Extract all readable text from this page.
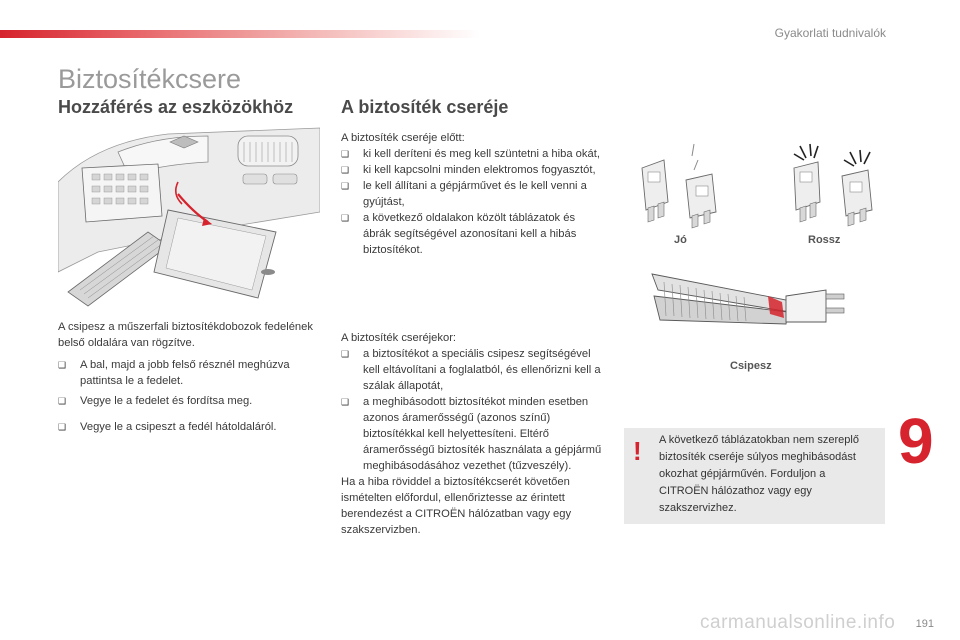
Gyakorlati tudnivalók
Biztosítékcsere
Hozzáférés az eszközökhöz	A biztosíték cseréje

A csipesz a műszerfali biztosítékdobozok fedelének belső oldalára van rögzítve.

❑ A bal, majd a jobb felső résznél meghúzva pattintsa le a fedelet.
❑ Vegye le a fedelet és fordítsa meg.
❑ Vegye le a csipeszt a fedél hátoldaláról.

A biztosíték cseréje előtt:

❑ ki kell deríteni és meg kell szüntetni a hiba okát,
❑ ki kell kapcsolni minden elektromos fogyasztót,
❑ le kell állítani a gépjárművet és le kell venni a gyújtást,
❑ a következő oldalakon közölt táblázatok és ábrák segítségével azonosítani kell a hibás biztosítékot.

A biztosíték cseréjekor:

❑ a biztosítékot a speciális csipesz segítségével kell eltávolítani a foglalatból, és ellenőrizni kell a szálak állapotát,
❑ a meghibásodott biztosítékot minden esetben azonos áramerősségű (azonos színű) biztosítékkal kell helyettesíteni. Eltérő áramerősségű biztosíték használata a gépjármű meghibásodásához vezethet (tűzveszély).

Ha a hiba röviddel a biztosítékcserét követően ismételten előfordul, ellenőriztesse az érintett berendezést a CITROËN hálózatban vagy egy szakszervizben.

Jó	Rossz
Csipesz
! A következő táblázatokban nem szereplő biztosíték cseréje súlyos meghibásodást okozhat gépjárművén. Forduljon a CITROËN hálózathoz vagy egy szakszervizhez.
9
carmanualsonline.info 191
